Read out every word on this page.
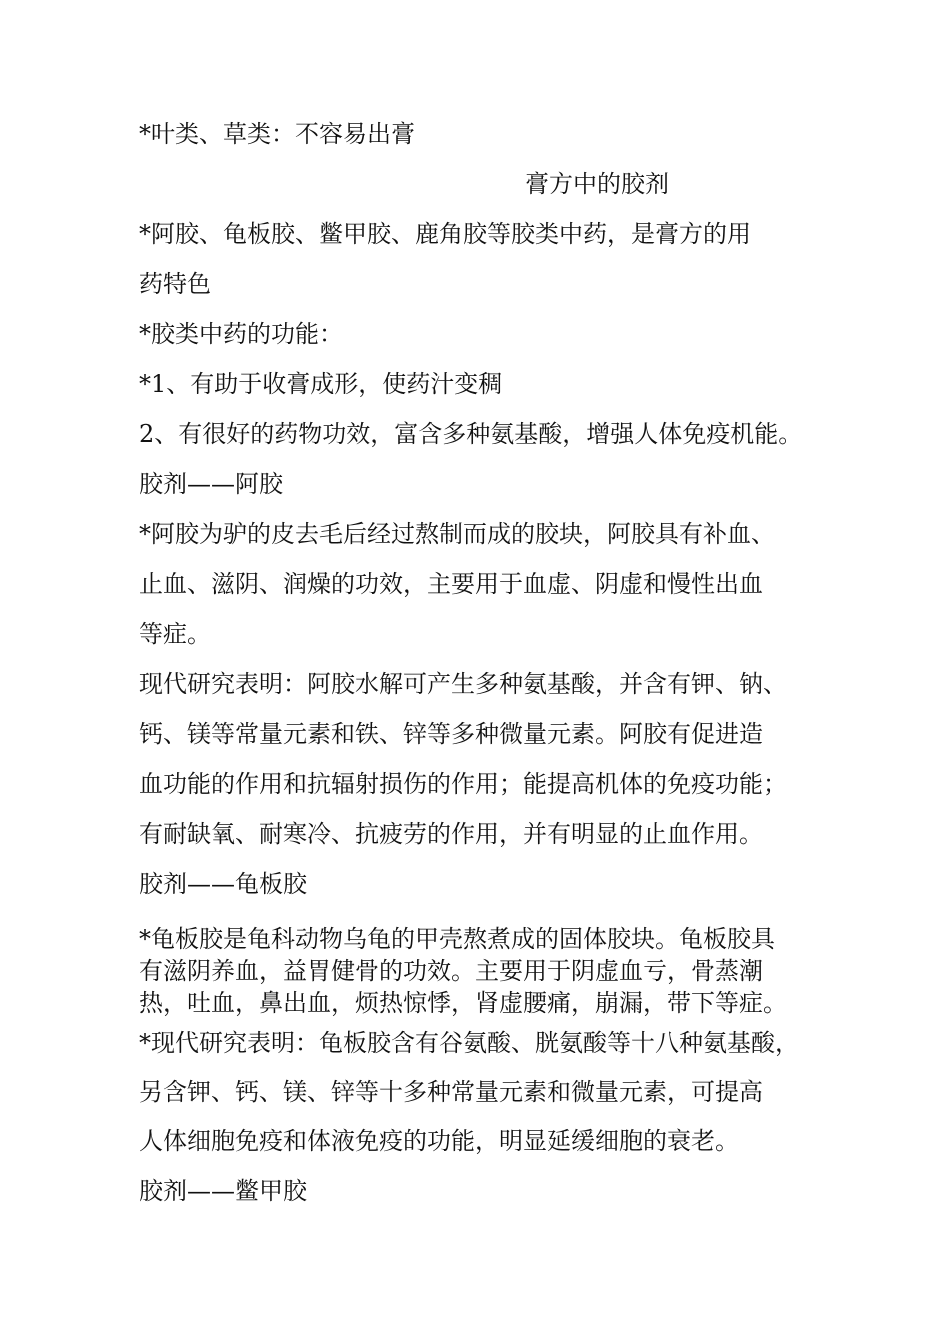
*叶类、草类：不容易出膏
膏方中的胶剂
*阿胶、龟板胶、鳖甲胶、鹿角胶等胶类中药，是膏方的用
药特色
*胶类中药的功能：
*1、有助于收膏成形，使药汁变稠
2、有很好的药物功效，富含多种氨基酸，增强人体免疫机能。
胶剂——阿胶
*阿胶为驴的皮去毛后经过熬制而成的胶块，阿胶具有补血、
止血、滋阴、润燥的功效，主要用于血虚、阴虚和慢性出血
等症。
现代研究表明：阿胶水解可产生多种氨基酸，并含有钾、钠、
钙、镁等常量元素和铁、锌等多种微量元素。阿胶有促进造
血功能的作用和抗辐射损伤的作用；能提高机体的免疫功能；
有耐缺氧、耐寒冷、抗疲劳的作用，并有明显的止血作用。
胶剂——龟板胶
*龟板胶是龟科动物乌龟的甲壳熬煮成的固体胶块。龟板胶具
有滋阴养血，益胃健骨的功效。主要用于阴虚血亏，骨蒸潮
热，吐血，鼻出血，烦热惊悸，肾虚腰痛，崩漏，带下等症。
*现代研究表明：龟板胶含有谷氨酸、胱氨酸等十八种氨基酸，
另含钾、钙、镁、锌等十多种常量元素和微量元素，可提高
人体细胞免疫和体液免疫的功能，明显延缓细胞的衰老。
胶剂——鳖甲胶
